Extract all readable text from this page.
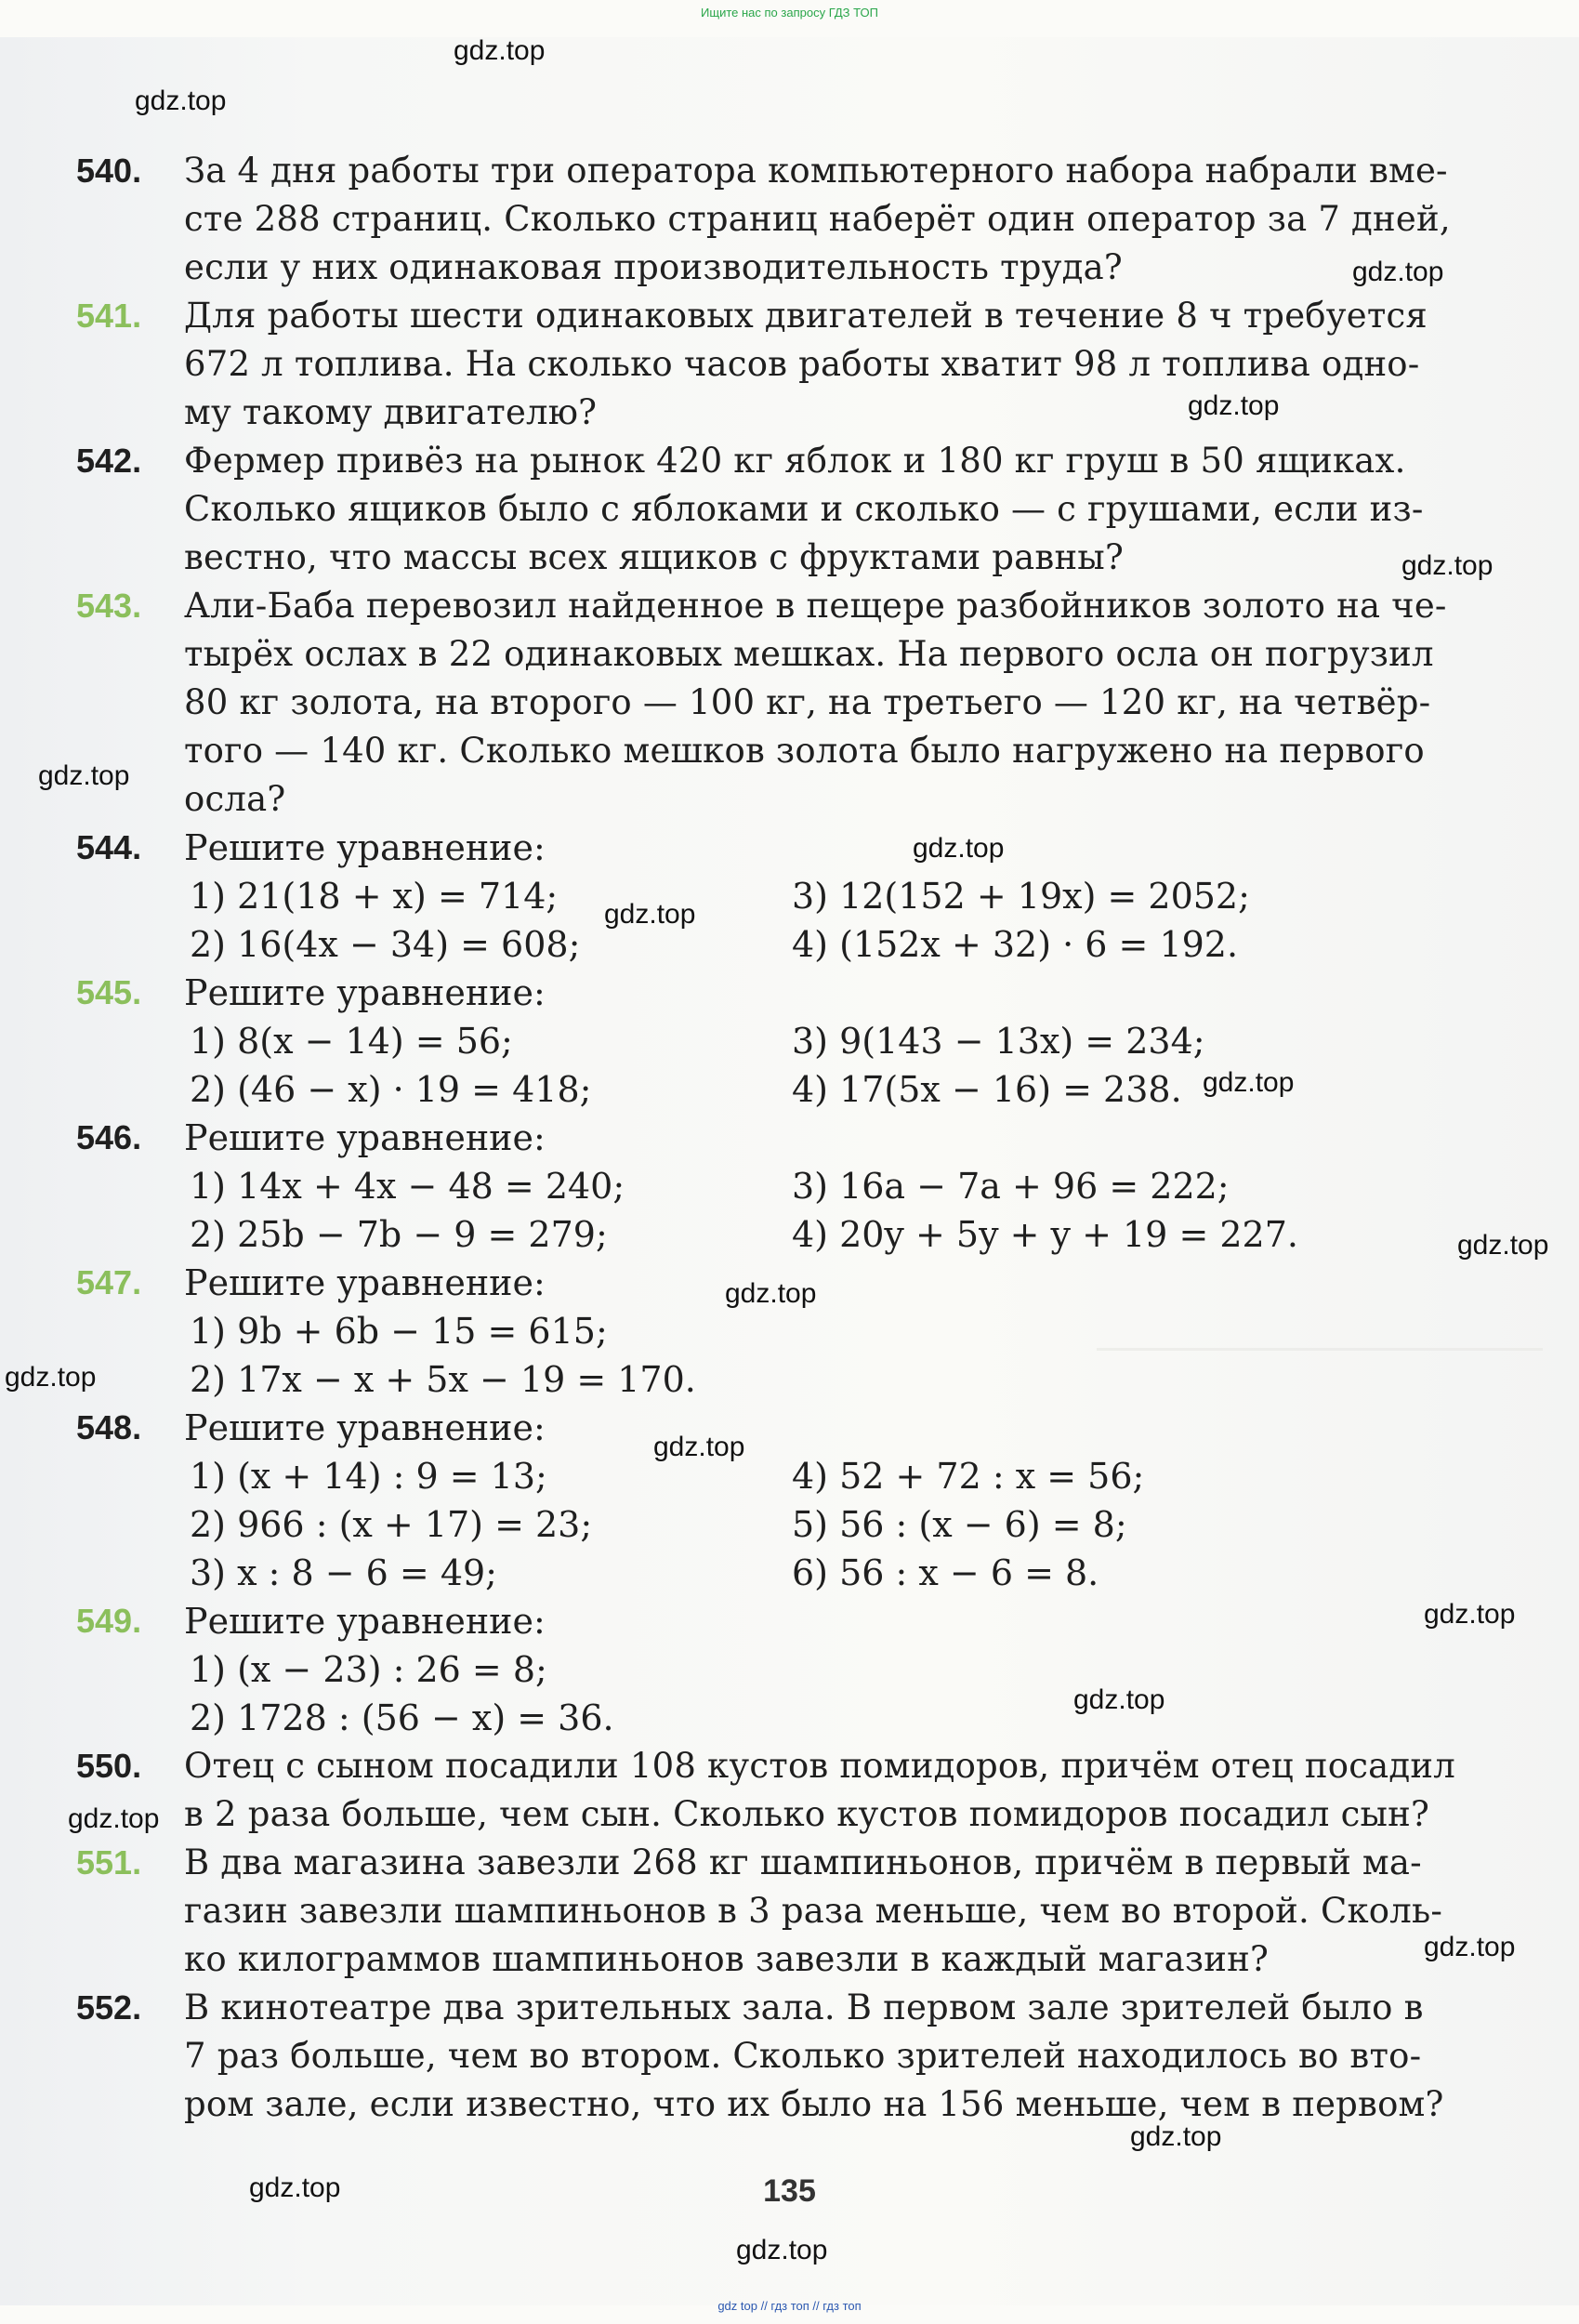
Ищите нас по запросу ГДЗ ТОП
gdz.top
gdz.top
gdz.top
gdz.top
gdz.top
gdz.top
gdz.top
gdz.top
gdz.top
gdz.top
gdz.top
gdz.top
gdz.top
gdz.top
gdz.top
gdz.top
gdz.top
gdz.top
gdz.top
gdz.top
540. За 4 дня работы три оператора компьютерного набора набрали вме-
сте 288 страниц. Сколько страниц наберёт один оператор за 7 дней,
если у них одинаковая производительность труда?
541. Для работы шести одинаковых двигателей в течение 8 ч требуется
672 л топлива. На сколько часов работы хватит 98 л топлива одно-
му такому двигателю?
542. Фермер привёз на рынок 420 кг яблок и 180 кг груш в 50 ящиках.
Сколько ящиков было с яблоками и сколько — с грушами, если из-
вестно, что массы всех ящиков с фруктами равны?
543. Али-Баба перевозил найденное в пещере разбойников золото на че-
тырёх ослах в 22 одинаковых мешках. На первого осла он погрузил
80 кг золота, на второго — 100 кг, на третьего — 120 кг, на четвёр-
того — 140 кг. Сколько мешков золота было нагружено на первого
осла?
544. Решите уравнение:
1) 21(18 + x) = 714;	3) 12(152 + 19x) = 2052;
2) 16(4x − 34) = 608;	4) (152x + 32) · 6 = 192.
545. Решите уравнение:
1) 8(x − 14) = 56;	3) 9(143 − 13x) = 234;
2) (46 − x) · 19 = 418;	4) 17(5x − 16) = 238.
546. Решите уравнение:
1) 14x + 4x − 48 = 240;	3) 16a − 7a + 96 = 222;
2) 25b − 7b − 9 = 279;	4) 20y + 5y + y + 19 = 227.
547. Решите уравнение:
1) 9b + 6b − 15 = 615;
2) 17x − x + 5x − 19 = 170.
548. Решите уравнение:
1) (x + 14) : 9 = 13;	4) 52 + 72 : x = 56;
2) 966 : (x + 17) = 23;	5) 56 : (x − 6) = 8;
3) x : 8 − 6 = 49;	6) 56 : x − 6 = 8.
549. Решите уравнение:
1) (x − 23) : 26 = 8;
2) 1728 : (56 − x) = 36.
550. Отец с сыном посадили 108 кустов помидоров, причём отец посадил
в 2 раза больше, чем сын. Сколько кустов помидоров посадил сын?
551. В два магазина завезли 268 кг шампиньонов, причём в первый ма-
газин завезли шампиньонов в 3 раза меньше, чем во второй. Сколь-
ко килограммов шампиньонов завезли в каждый магазин?
552. В кинотеатре два зрительных зала. В первом зале зрителей было в
7 раз больше, чем во втором. Сколько зрителей находилось во вто-
ром зале, если известно, что их было на 156 меньше, чем в первом?
135
gdz top // гдз топ // гдз топ
